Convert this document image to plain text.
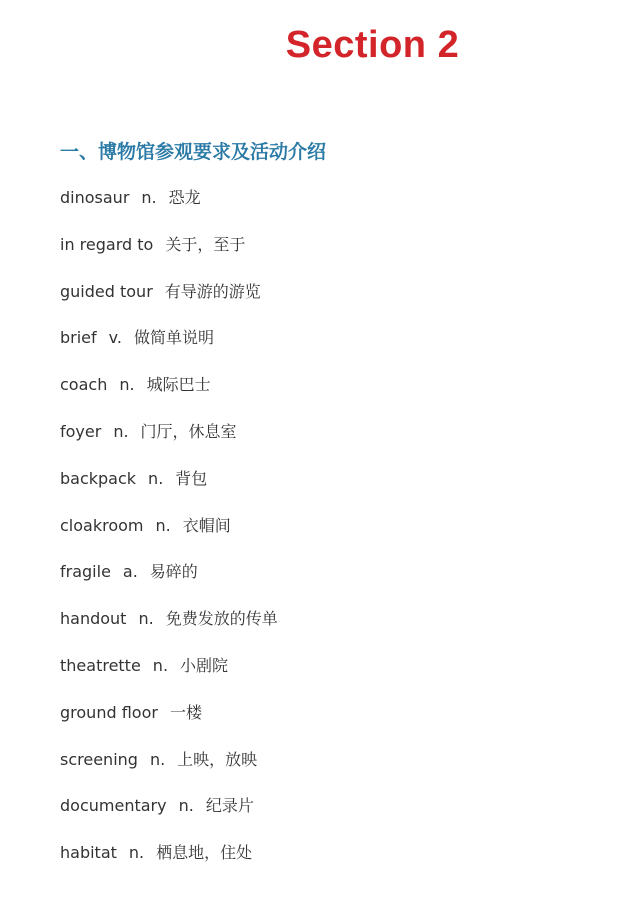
Section 2
一、博物馆参观要求及活动介绍
dinosaur n. 恐龙
in regard to 关于，至于
guided tour 有导游的游览
brief v. 做简单说明
coach n. 城际巴士
foyer n. 门厅，休息室
backpack n. 背包
cloakroom n. 衣帽间
fragile a. 易碎的
handout n. 免费发放的传单
theatrette n. 小剧院
ground floor 一楼
screening n. 上映，放映
documentary n. 纪录片
habitat n. 栖息地，住处
